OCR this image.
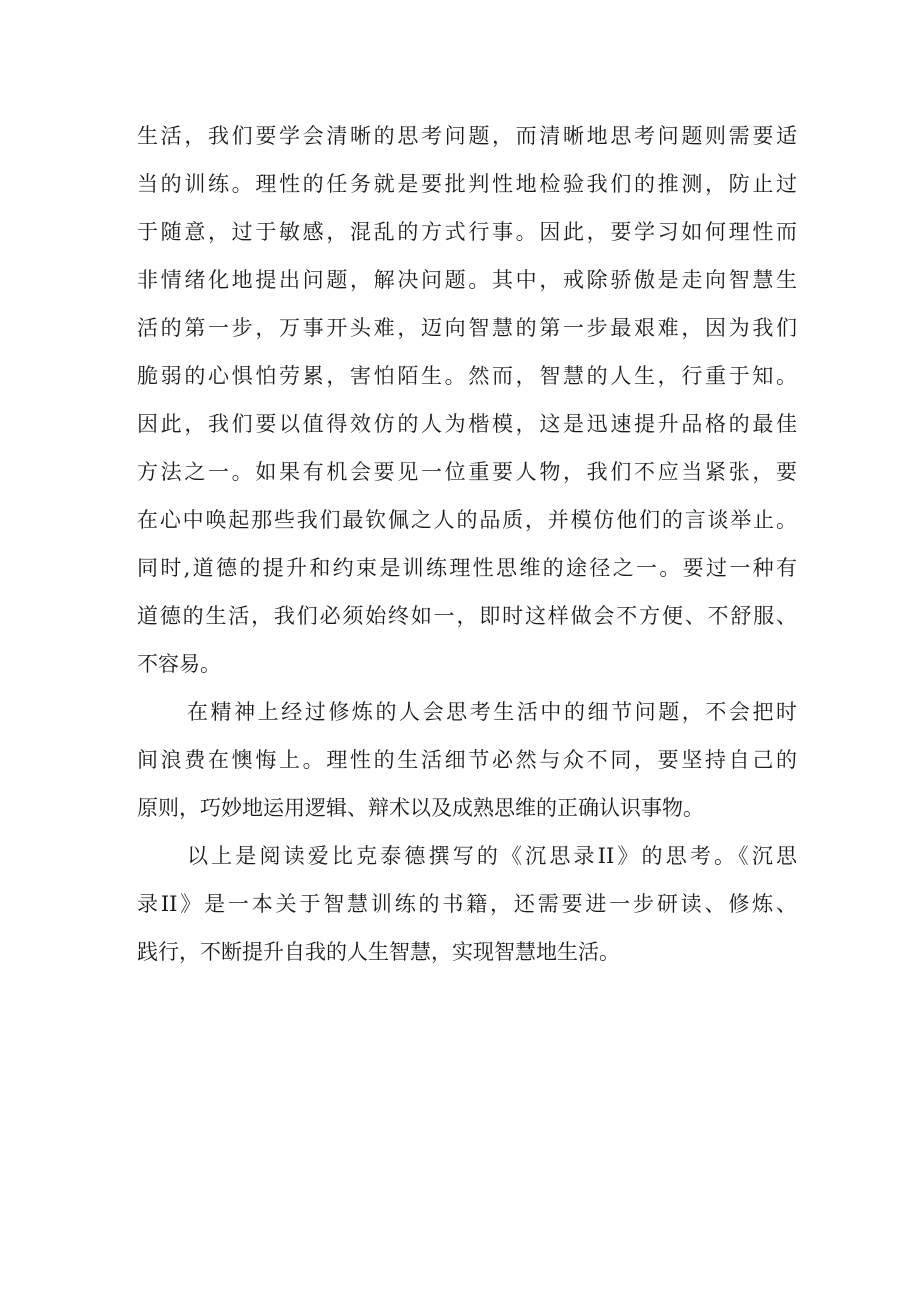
生活，我们要学会清晰的思考问题，而清晰地思考问题则需要适
当的训练。理性的任务就是要批判性地检验我们的推测，防止过
于随意，过于敏感，混乱的方式行事。因此，要学习如何理性而
非情绪化地提出问题，解决问题。其中，戒除骄傲是走向智慧生
活的第一步，万事开头难，迈向智慧的第一步最艰难，因为我们
脆弱的心惧怕劳累，害怕陌生。然而，智慧的人生，行重于知。
因此，我们要以值得效仿的人为楷模，这是迅速提升品格的最佳
方法之一。如果有机会要见一位重要人物，我们不应当紧张，要
在心中唤起那些我们最钦佩之人的品质，并模仿他们的言谈举止。
同时,道德的提升和约束是训练理性思维的途径之一。要过一种有
道德的生活，我们必须始终如一，即时这样做会不方便、不舒服、
不容易。
在精神上经过修炼的人会思考生活中的细节问题，不会把时
间浪费在懊悔上。理性的生活细节必然与众不同，要坚持自己的
原则，巧妙地运用逻辑、辩术以及成熟思维的正确认识事物。
以上是阅读爱比克泰德撰写的《沉思录II》的思考。《沉思
录II》是一本关于智慧训练的书籍，还需要进一步研读、修炼、
践行，不断提升自我的人生智慧，实现智慧地生活。
